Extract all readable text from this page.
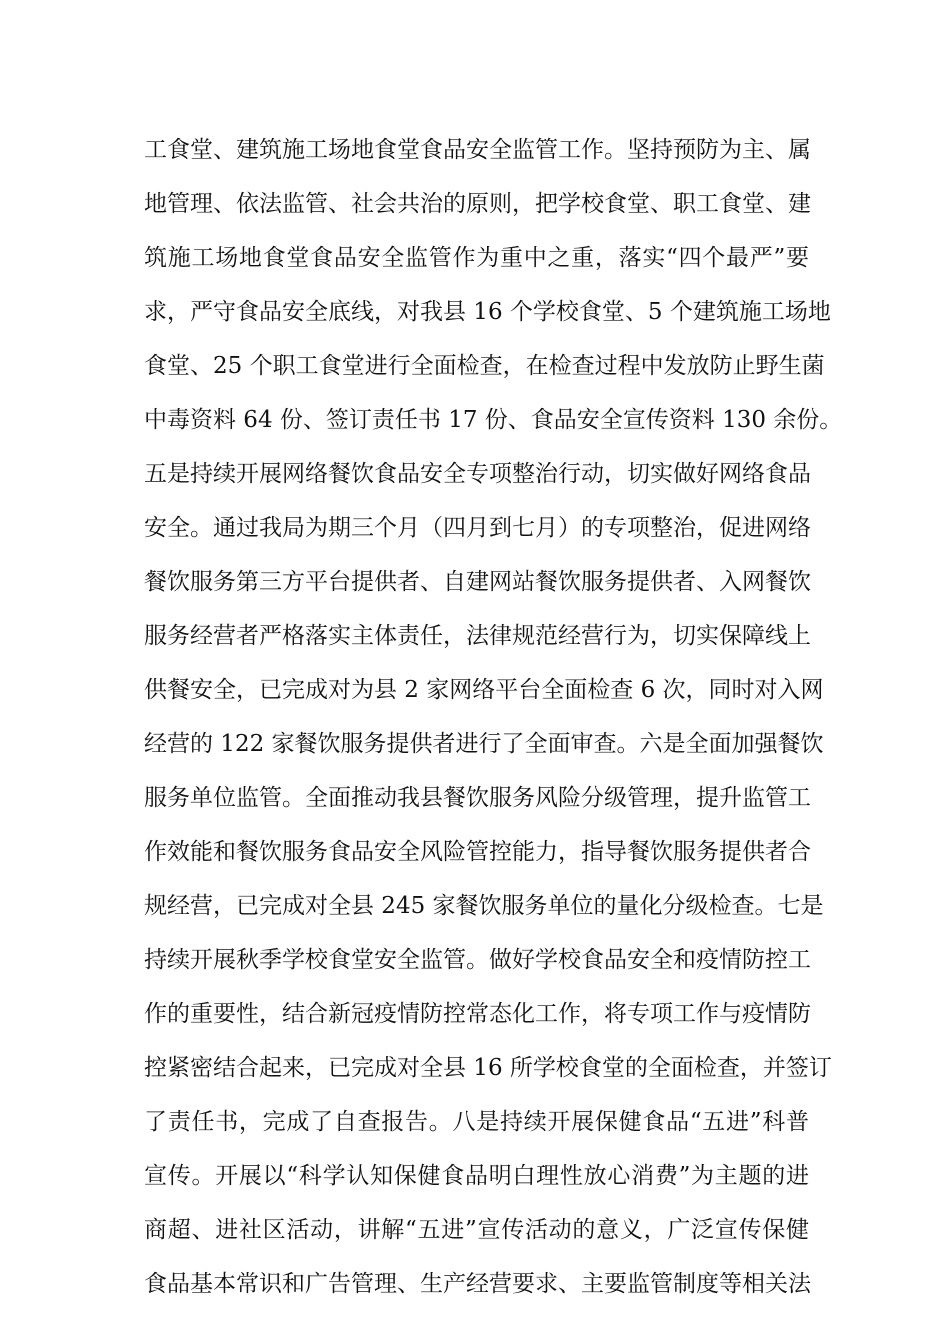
工食堂、建筑施工场地食堂食品安全监管工作。坚持预防为主、属
地管理、依法监管、社会共治的原则，把学校食堂、职工食堂、建
筑施工场地食堂食品安全监管作为重中之重，落实“四个最严”要
求，严守食品安全底线，对我县 16 个学校食堂、5 个建筑施工场地
食堂、25 个职工食堂进行全面检查，在检查过程中发放防止野生菌
中毒资料 64 份、签订责任书 17 份、食品安全宣传资料 130 余份。
五是持续开展网络餐饮食品安全专项整治行动，切实做好网络食品
安全。通过我局为期三个月（四月到七月）的专项整治，促进网络
餐饮服务第三方平台提供者、自建网站餐饮服务提供者、入网餐饮
服务经营者严格落实主体责任，法律规范经营行为，切实保障线上
供餐安全，已完成对为县 2 家网络平台全面检查 6 次，同时对入网
经营的 122 家餐饮服务提供者进行了全面审查。六是全面加强餐饮
服务单位监管。全面推动我县餐饮服务风险分级管理，提升监管工
作效能和餐饮服务食品安全风险管控能力，指导餐饮服务提供者合
规经营，已完成对全县 245 家餐饮服务单位的量化分级检查。七是
持续开展秋季学校食堂安全监管。做好学校食品安全和疫情防控工
作的重要性，结合新冠疫情防控常态化工作，将专项工作与疫情防
控紧密结合起来，已完成对全县 16 所学校食堂的全面检查，并签订
了责任书，完成了自查报告。八是持续开展保健食品“五进”科普
宣传。开展以“科学认知保健食品明白理性放心消费”为主题的进
商超、进社区活动，讲解“五进”宣传活动的意义，广泛宣传保健
食品基本常识和广告管理、生产经营要求、主要监管制度等相关法
